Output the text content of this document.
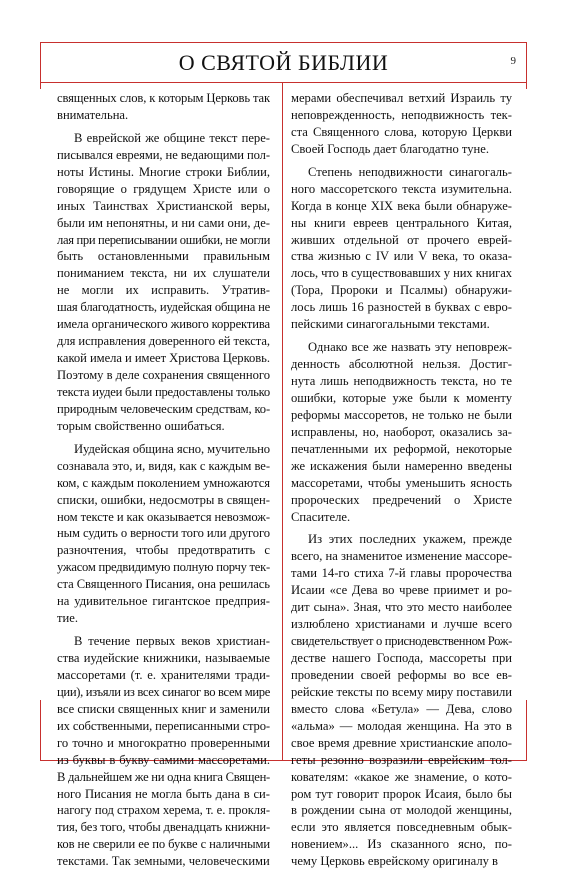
О СВЯТОЙ БИБЛИИ	9
священных слов, к которым Церковь так
внимательна.
В еврейской же общине текст пере-
писывался евреями, не ведающими пол-
ноты Истины. Многие строки Библии,
говорящие о грядущем Христе или о
иных Таинствах Христианской веры,
были им непонятны, и ни сами они, де-
лая при переписывании ошибки, не могли
быть остановленными правильным
пониманием текста, ни их слушатели
не могли их исправить. Утратив-
шая благодатность, иудейская община не
имела органического живого корректива
для исправления доверенного ей текста,
какой имела и имеет Христова Церковь.
Поэтому в деле сохранения священного
текста иудеи были предоставлены только
природным человеческим средствам, ко-
торым свойственно ошибаться.
Иудейская община ясно, мучительно
сознавала это, и, видя, как с каждым ве-
ком, с каждым поколением умножаются
списки, ошибки, недосмотры в священ-
ном тексте и как оказывается невозмож-
ным судить о верности того или другого
разночтения, чтобы предотвратить с
ужасом предвидимую полную порчу тек-
ста Священного Писания, она решилась
на удивительное гигантское предприя-
тие.
В течение первых веков христиан-
ства иудейские книжники, называемые
массоретами (т. е. хранителями тради-
ции), изъяли из всех синагог во всем мире
все списки священных книг и заменили
их собственными, переписанными стро-
го точно и многократно проверенными
из буквы в букву самими массоретами.
В дальнейшем же ни одна книга Священ-
ного Писания не могла быть дана в си-
нагогу под страхом херема, т. е. прокля-
тия, без того, чтобы двенадцать книжни-
ков не сверили ее по букве с наличными
текстами. Так земными, человеческими
мерами обеспечивал ветхий Израиль ту
неповрежденность, неподвижность тек-
ста Священного слова, которую Церкви
Своей Господь дает благодатно туне.
Степень неподвижности синагогаль-
ного массоретского текста изумительна.
Когда в конце XIX века были обнаруже-
ны книги евреев центрального Китая,
живших отдельной от прочего еврей-
ства жизнью с IV или V века, то оказа-
лось, что в существовавших у них книгах
(Тора, Пророки и Псалмы) обнаружи-
лось лишь 16 разностей в буквах с евро-
пейскими синагогальными текстами.
Однако все же назвать эту неповреж-
денность абсолютной нельзя. Достиг-
нута лишь неподвижность текста, но те
ошибки, которые уже были к моменту
реформы массоретов, не только не были
исправлены, но, наоборот, оказались за-
печатленными их реформой, некоторые
же искажения были намеренно введены
массоретами, чтобы уменьшить ясность
пророческих предречений о Христе
Спасителе.
Из этих последних укажем, прежде
всего, на знаменитое изменение массоре-
тами 14-го стиха 7-й главы пророчества
Исаии «се Дева во чреве приимет и ро-
дит сына». Зная, что это место наиболее
излюблено христианами и лучше всего
свидетельствует о приснодевственном Рож-
дестве нашего Господа, массореты при
проведении своей реформы во все ев-
рейские тексты по всему миру поставили
вместо слова «Бетула» — Дева, слово
«альма» — молодая женщина. На это в
свое время древние христианские аполо-
геты резонно возразили еврейским тол-
кователям: «какое же знамение, о кото-
ром тут говорит пророк Исаия, было бы
в рождении сына от молодой женщины,
если это является повседневным обык-
новением»... Из сказанного ясно, по-
чему Церковь еврейскому оригиналу в
